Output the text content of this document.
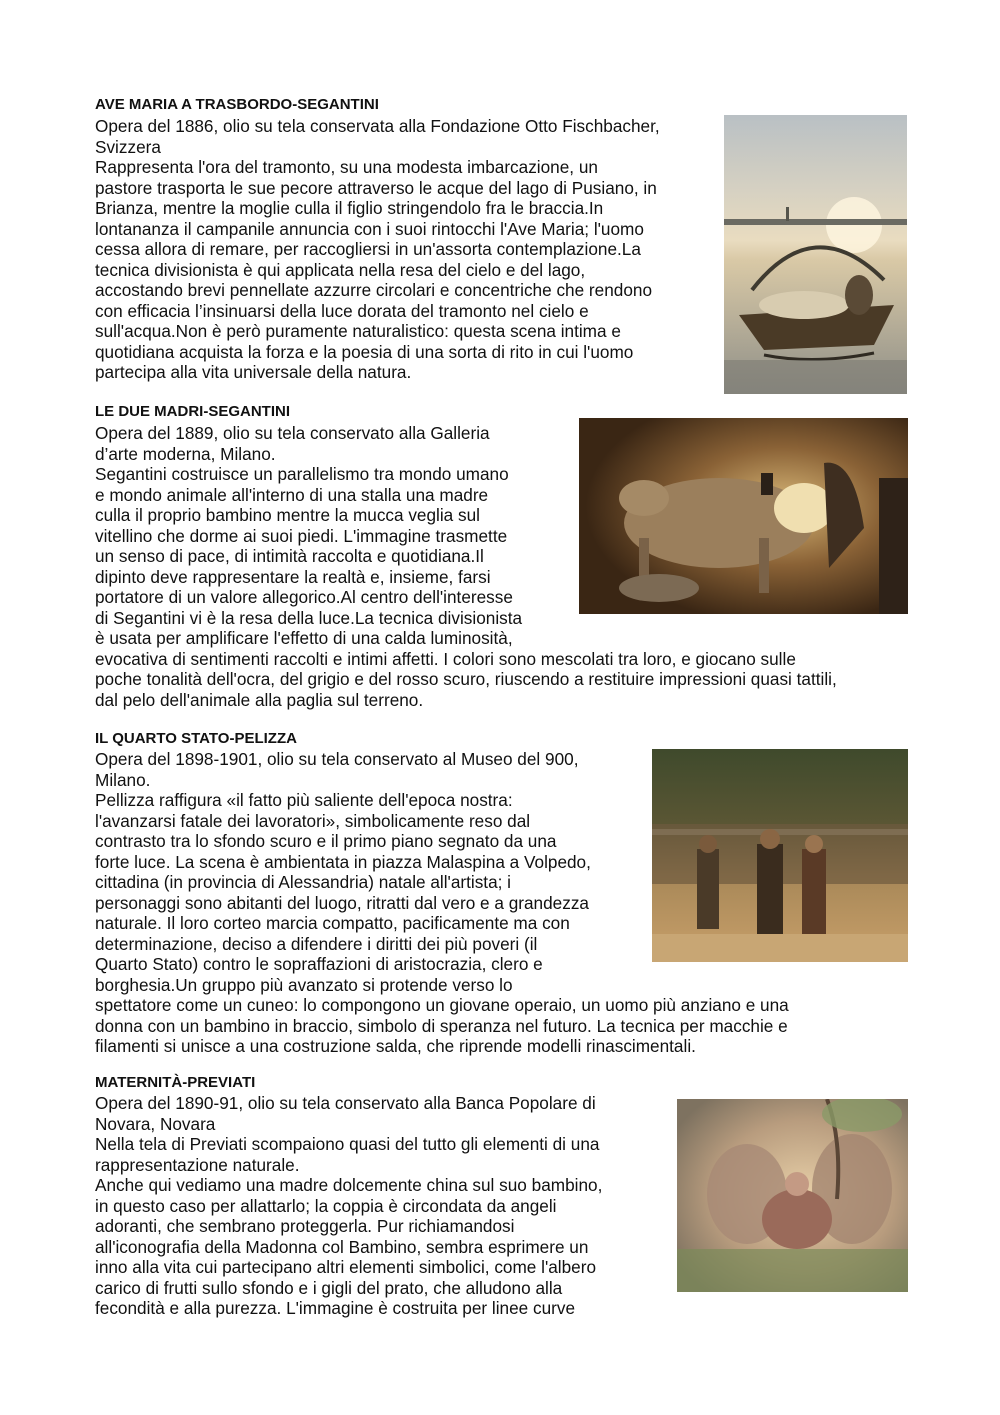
AVE MARIA A TRASBORDO-SEGANTINI
Opera del 1886, olio su tela conservata alla Fondazione Otto Fischbacher,
Svizzera
Rappresenta l'ora del tramonto, su una modesta imbarcazione, un
pastore trasporta le sue pecore attraverso le acque del lago di Pusiano, in
Brianza, mentre la moglie culla il figlio stringendolo fra le braccia.In
lontananza il campanile annuncia con i suoi rintocchi l'Ave Maria; l'uomo
cessa allora di remare, per raccogliersi in un'assorta contemplazione.La
tecnica divisionista è qui applicata nella resa del cielo e del lago,
accostando brevi pennellate azzurre circolari e concentriche che rendono
con efficacia l’insinuarsi della luce dorata del tramonto nel cielo e
sull'acqua.Non è però puramente naturalistico: questa scena intima e
quotidiana acquista la forza e la poesia di una sorta di rito in cui l'uomo
partecipa alla vita universale della natura.
LE DUE MADRI-SEGANTINI
Opera del 1889, olio su tela conservato alla Galleria
d’arte moderna, Milano.
Segantini costruisce un parallelismo tra mondo umano
e mondo animale all'interno di una stalla una madre
culla il proprio bambino mentre la mucca veglia sul
vitellino che dorme ai suoi piedi. L'immagine trasmette
un senso di pace, di intimità raccolta e quotidiana.Il
dipinto deve rappresentare la realtà e, insieme, farsi
portatore di un valore allegorico.Al centro dell'interesse
di Segantini vi è la resa della luce.La tecnica divisionista
è usata per amplificare l'effetto di una calda luminosità,
evocativa di sentimenti raccolti e intimi affetti. I colori sono mescolati tra loro, e giocano sulle
poche tonalità dell'ocra, del grigio e del rosso scuro, riuscendo a restituire impressioni quasi tattili,
dal pelo dell'animale alla paglia sul terreno.
IL QUARTO STATO-PELIZZA
Opera del 1898-1901, olio su tela conservato al Museo del 900,
Milano.
Pellizza raffigura «il fatto più saliente dell'epoca nostra:
l'avanzarsi fatale dei lavoratori», simbolicamente reso dal
contrasto tra lo sfondo scuro e il primo piano segnato da una
forte luce. La scena è ambientata in piazza Malaspina a Volpedo,
cittadina (in provincia di Alessandria) natale all'artista; i
personaggi sono abitanti del luogo, ritratti dal vero e a grandezza
naturale. Il loro corteo marcia compatto, pacificamente ma con
determinazione, deciso a difendere i diritti dei più poveri (il
Quarto Stato) contro le sopraffazioni di aristocrazia, clero e
borghesia.Un gruppo più avanzato si protende verso lo
spettatore come un cuneo: lo compongono un giovane operaio, un uomo più anziano e una
donna con un bambino in braccio, simbolo di speranza nel futuro. La tecnica per macchie e
filamenti si unisce a una costruzione salda, che riprende modelli rinascimentali.
MATERNITÀ-PREVIATI
Opera del 1890-91, olio su tela conservato alla Banca Popolare di
Novara, Novara
Nella tela di Previati scompaiono quasi del tutto gli elementi di una
rappresentazione naturale.
Anche qui vediamo una madre dolcemente china sul suo bambino,
in questo caso per allattarlo; la coppia è circondata da angeli
adoranti, che sembrano proteggerla. Pur richiamandosi
all'iconografia della Madonna col Bambino, sembra esprimere un
inno alla vita cui partecipano altri elementi simbolici, come l'albero
carico di frutti sullo sfondo e i gigli del prato, che alludono alla
fecondità e alla purezza. L'immagine è costruita per linee curve
